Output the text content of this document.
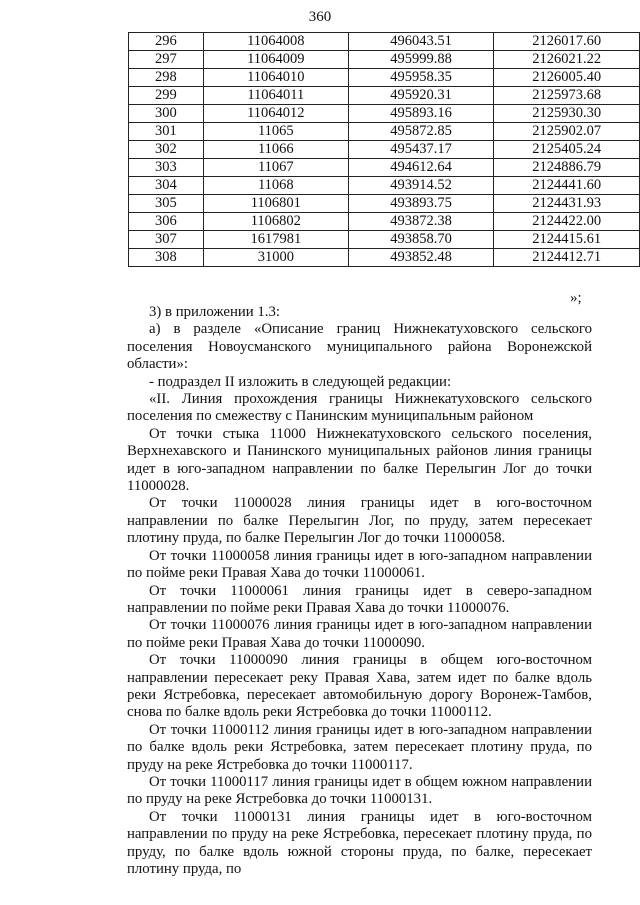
360
296	11064008	496043.51	2126017.60
297	11064009	495999.88	2126021.22
298	11064010	495958.35	2126005.40
299	11064011	495920.31	2125973.68
300	11064012	495893.16	2125930.30
301	11065	495872.85	2125902.07
302	11066	495437.17	2125405.24
303	11067	494612.64	2124886.79
304	11068	493914.52	2124441.60
305	1106801	493893.75	2124431.93
306	1106802	493872.38	2124422.00
307	1617981	493858.70	2124415.61
308	31000	493852.48	2124412.71
»;

3) в приложении 1.3:

а) в разделе «Описание границ Нижнекатуховского сельского поселения Новоусманского муниципального района Воронежской области»:

- подраздел II изложить в следующей редакции:

«II. Линия прохождения границы Нижнекатуховского сельского поселения по смежеству с Панинским муниципальным районом

От точки стыка 11000 Нижнекатуховского сельского поселения, Верхнехавского и Панинского муниципальных районов линия границы идет в юго-западном направлении по балке Перелыгин Лог до точки 11000028.

От точки 11000028 линия границы идет в юго-восточном направлении по балке Перелыгин Лог, по пруду, затем пересекает плотину пруда, по балке Перелыгин Лог до точки 11000058.

От точки 11000058 линия границы идет в юго-западном направлении по пойме реки Правая Хава до точки 11000061.

От точки 11000061 линия границы идет в северо-западном направлении по пойме реки Правая Хава до точки 11000076.

От точки 11000076 линия границы идет в юго-западном направлении по пойме реки Правая Хава до точки 11000090.

От точки 11000090 линия границы в общем юго-восточном направлении пересекает реку Правая Хава, затем идет по балке вдоль реки Ястребовка, пересекает автомобильную дорогу Воронеж-Тамбов, снова по балке вдоль реки Ястребовка до точки 11000112.

От точки 11000112 линия границы идет в юго-западном направлении по балке вдоль реки Ястребовка, затем пересекает плотину пруда, по пруду на реке Ястребовка до точки 11000117.

От точки 11000117 линия границы идет в общем южном направлении по пруду на реке Ястребовка до точки 11000131.

От точки 11000131 линия границы идет в юго-восточном направлении по пруду на реке Ястребовка, пересекает плотину пруда, по пруду, по балке вдоль южной стороны пруда, по балке, пересекает плотину пруда, по
